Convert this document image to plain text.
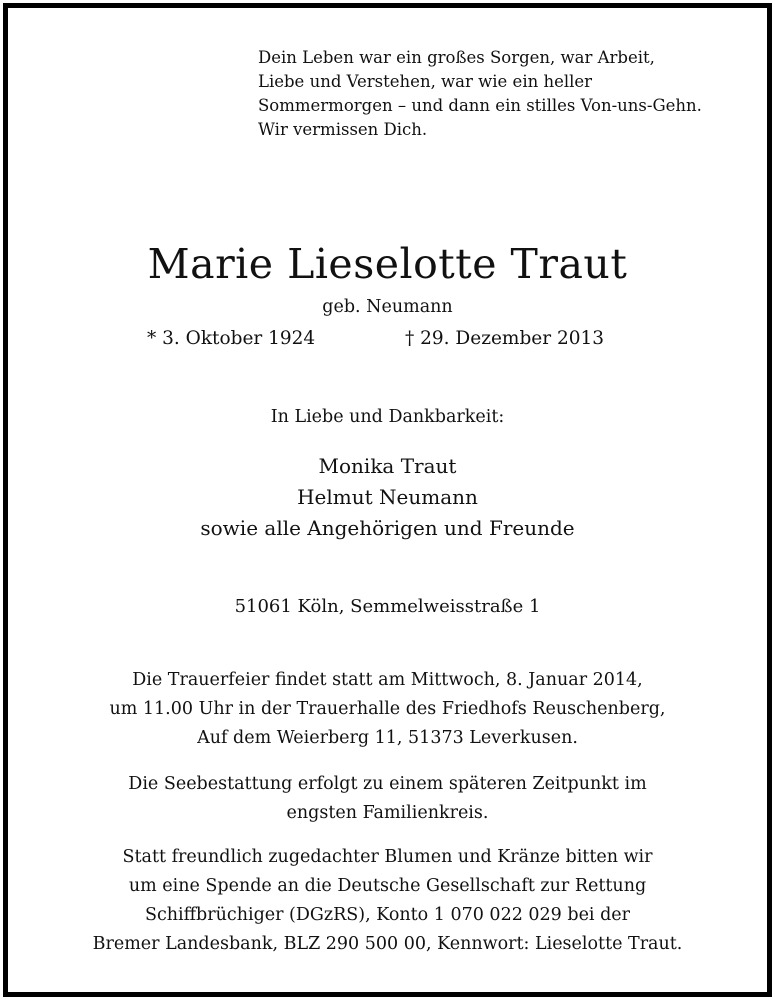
Dein Leben war ein großes Sorgen, war Arbeit,
Liebe und Verstehen, war wie ein heller
Sommermorgen – und dann ein stilles Von-uns-Gehn.
Wir vermissen Dich.
Marie Lieselotte Traut
geb. Neumann
* 3. Oktober 1924	† 29. Dezember 2013
In Liebe und Dankbarkeit:
Monika Traut
Helmut Neumann
sowie alle Angehörigen und Freunde
51061 Köln, Semmelweisstraße 1
Die Trauerfeier findet statt am Mittwoch, 8. Januar 2014,
um 11.00 Uhr in der Trauerhalle des Friedhofs Reuschenberg,
Auf dem Weierberg 11, 51373 Leverkusen.
Die Seebestattung erfolgt zu einem späteren Zeitpunkt im
engsten Familienkreis.
Statt freundlich zugedachter Blumen und Kränze bitten wir
um eine Spende an die Deutsche Gesellschaft zur Rettung
Schiffbrüchiger (DGzRS), Konto 1 070 022 029 bei der
Bremer Landesbank, BLZ 290 500 00, Kennwort: Lieselotte Traut.
